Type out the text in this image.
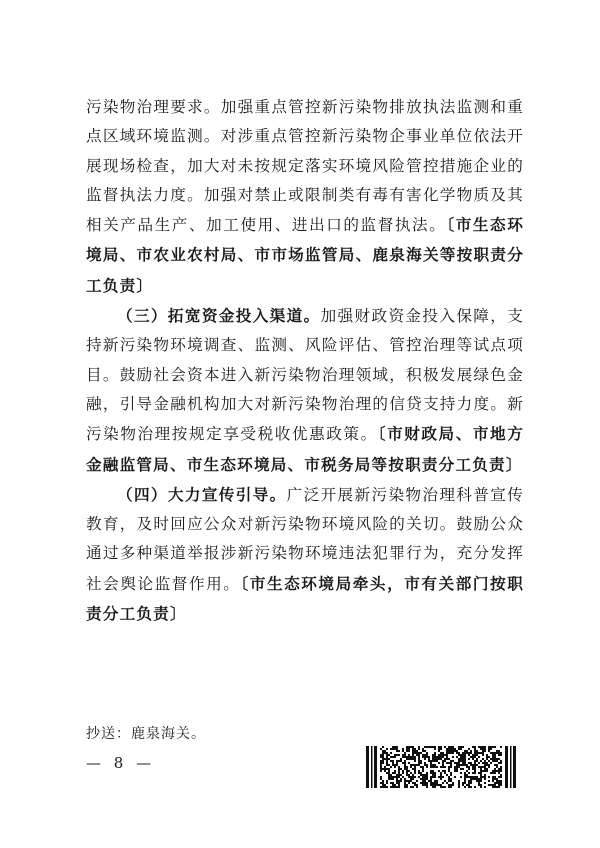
污染物治理要求。加强重点管控新污染物排放执法监测和重点区域环境监测。对涉重点管控新污染物企事业单位依法开展现场检查，加大对未按规定落实环境风险管控措施企业的监督执法力度。加强对禁止或限制类有毒有害化学物质及其相关产品生产、加工使用、进出口的监督执法。〔市生态环境局、市农业农村局、市市场监管局、鹿泉海关等按职责分工负责〕

（三）拓宽资金投入渠道。加强财政资金投入保障，支持新污染物环境调查、监测、风险评估、管控治理等试点项目。鼓励社会资本进入新污染物治理领域，积极发展绿色金融，引导金融机构加大对新污染物治理的信贷支持力度。新污染物治理按规定享受税收优惠政策。〔市财政局、市地方金融监管局、市生态环境局、市税务局等按职责分工负责〕

（四）大力宣传引导。广泛开展新污染物治理科普宣传教育，及时回应公众对新污染物环境风险的关切。鼓励公众通过多种渠道举报涉新污染物环境违法犯罪行为，充分发挥社会舆论监督作用。〔市生态环境局牵头，市有关部门按职责分工负责〕

抄送：鹿泉海关。
— 8 —
